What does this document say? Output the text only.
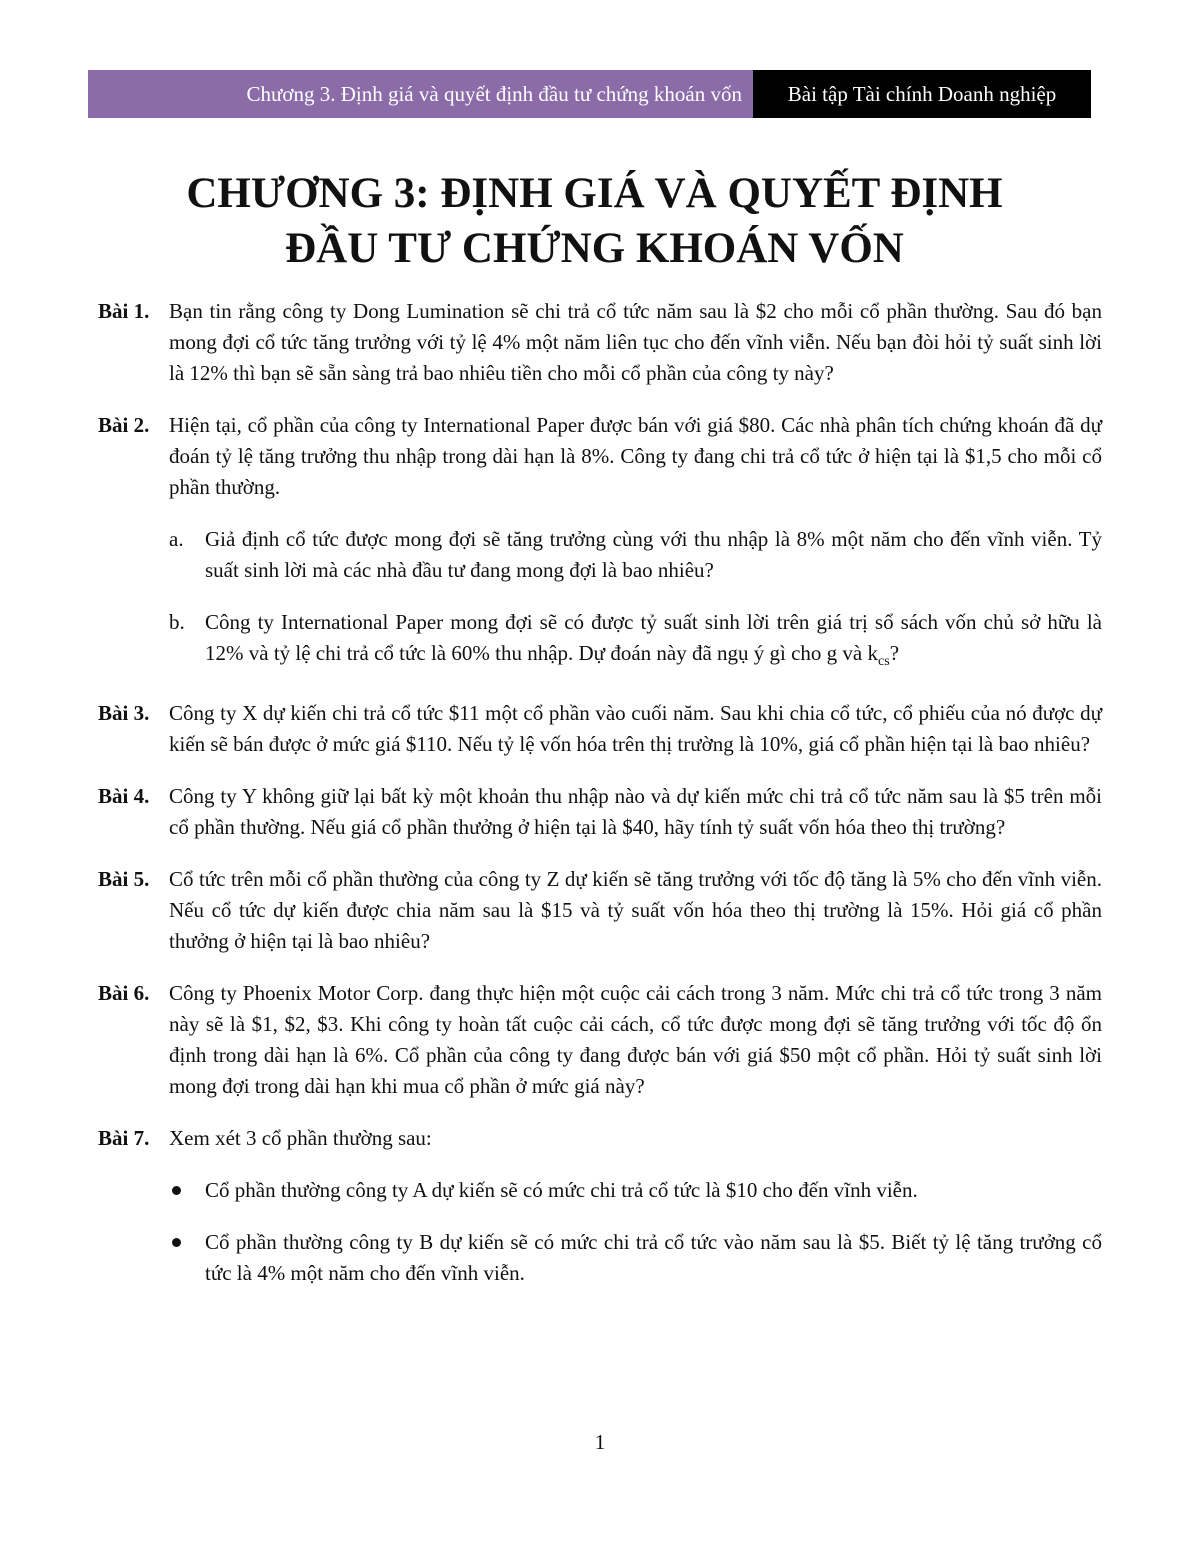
Chương 3. Định giá và quyết định đầu tư chứng khoán vốn	Bài tập Tài chính Doanh nghiệp
CHƯƠNG 3: ĐỊNH GIÁ VÀ QUYẾT ĐỊNH
ĐẦU TƯ CHỨNG KHOÁN VỐN
Bài 1. Bạn tin rằng công ty Dong Lumination sẽ chi trả cổ tức năm sau là $2 cho mỗi cổ phần thường. Sau đó bạn mong đợi cổ tức tăng trưởng với tỷ lệ 4% một năm liên tục cho đến vĩnh viễn. Nếu bạn đòi hỏi tỷ suất sinh lời là 12% thì bạn sẽ sẵn sàng trả bao nhiêu tiền cho mỗi cổ phần của công ty này?

Bài 2. Hiện tại, cổ phần của công ty International Paper được bán với giá $80. Các nhà phân tích chứng khoán đã dự đoán tỷ lệ tăng trưởng thu nhập trong dài hạn là 8%. Công ty đang chi trả cổ tức ở hiện tại là $1,5 cho mỗi cổ phần thường.

a. Giả định cổ tức được mong đợi sẽ tăng trưởng cùng với thu nhập là 8% một năm cho đến vĩnh viễn. Tỷ suất sinh lời mà các nhà đầu tư đang mong đợi là bao nhiêu?

b. Công ty International Paper mong đợi sẽ có được tỷ suất sinh lời trên giá trị sổ sách vốn chủ sở hữu là 12% và tỷ lệ chi trả cổ tức là 60% thu nhập. Dự đoán này đã ngụ ý gì cho g và $k_{cs}$?

Bài 3. Công ty X dự kiến chi trả cổ tức $11 một cổ phần vào cuối năm. Sau khi chia cổ tức, cổ phiếu của nó được dự kiến sẽ bán được ở mức giá $110. Nếu tỷ lệ vốn hóa trên thị trường là 10%, giá cổ phần hiện tại là bao nhiêu?

Bài 4. Công ty Y không giữ lại bất kỳ một khoản thu nhập nào và dự kiến mức chi trả cổ tức năm sau là $5 trên mỗi cổ phần thường. Nếu giá cổ phần thưởng ở hiện tại là $40, hãy tính tỷ suất vốn hóa theo thị trường?

Bài 5. Cổ tức trên mỗi cổ phần thường của công ty Z dự kiến sẽ tăng trưởng với tốc độ tăng là 5% cho đến vĩnh viễn. Nếu cổ tức dự kiến được chia năm sau là $15 và tỷ suất vốn hóa theo thị trường là 15%. Hỏi giá cổ phần thưởng ở hiện tại là bao nhiêu?

Bài 6. Công ty Phoenix Motor Corp. đang thực hiện một cuộc cải cách trong 3 năm. Mức chi trả cổ tức trong 3 năm này sẽ là $1, $2, $3. Khi công ty hoàn tất cuộc cải cách, cổ tức được mong đợi sẽ tăng trưởng với tốc độ ổn định trong dài hạn là 6%. Cổ phần của công ty đang được bán với giá $50 một cổ phần. Hỏi tỷ suất sinh lời mong đợi trong dài hạn khi mua cổ phần ở mức giá này?

Bài 7. Xem xét 3 cổ phần thường sau:

Cổ phần thường công ty A dự kiến sẽ có mức chi trả cổ tức là $10 cho đến vĩnh viễn.

Cổ phần thường công ty B dự kiến sẽ có mức chi trả cổ tức vào năm sau là $5. Biết tỷ lệ tăng trưởng cổ tức là 4% một năm cho đến vĩnh viễn.

1
